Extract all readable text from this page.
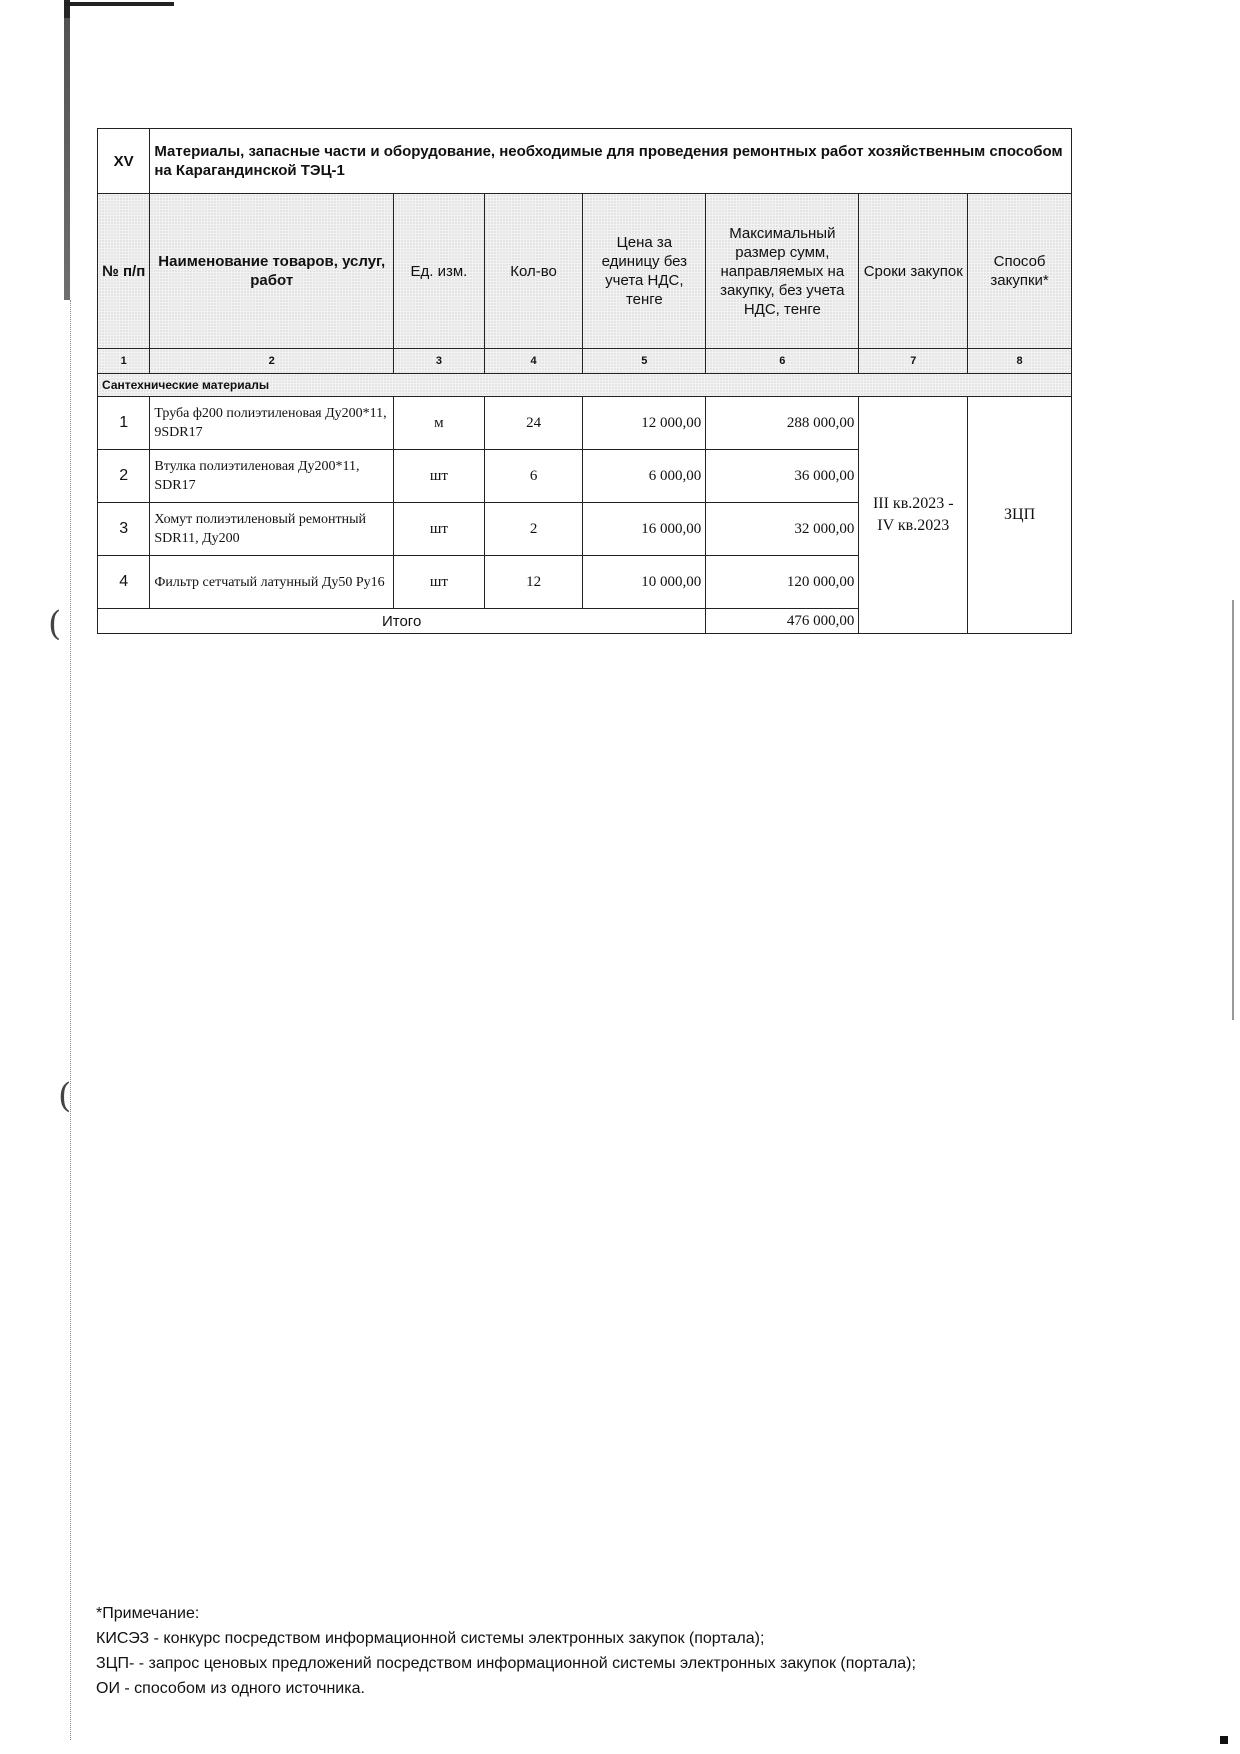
(
(
XV	Материалы, запасные части и оборудование, необходимые для проведения ремонтных работ хозяйственным способом на Карагандинской ТЭЦ-1						
№ п/п	Наименование товаров, услуг, работ	Ед. изм.	Кол-во	Цена за единицу без учета НДС, тенге	Максимальный размер сумм, направляемых на закупку, без учета НДС, тенге	Сроки закупок	Способ закупки*
1	2	3	4	5	6	7	8
Сантехнические материалы							
1	Труба ф200 полиэтиленовая Ду200*11, 9SDR17	м	24	12 000,00	288 000,00	III кв.2023 - IV кв.2023	ЗЦП
2	Втулка полиэтиленовая Ду200*11, SDR17	шт	6	6 000,00	36 000,00		
3	Хомут полиэтиленовый ремонтный SDR11, Ду200	шт	2	16 000,00	32 000,00		
4	Фильтр сетчатый латунный Ду50 Ру16	шт	12	10 000,00	120 000,00		
Итого					476 000,00		
*Примечание:
КИСЭЗ - конкурс посредством информационной системы электронных закупок (портала);
ЗЦП- - запрос ценовых предложений посредством информационной системы электронных закупок (портала);
ОИ - способом из одного источника.
